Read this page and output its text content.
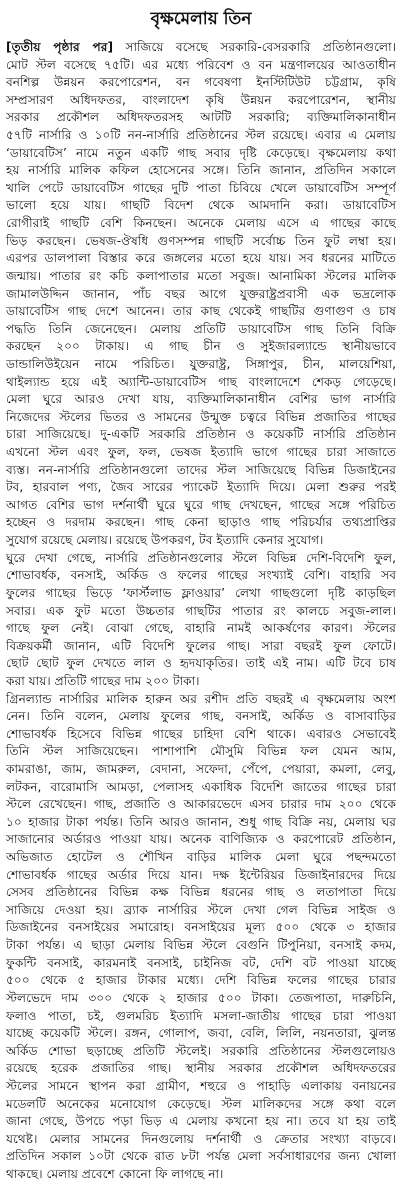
বৃক্ষমেলায় তিন
[তৃতীয় পৃষ্ঠার পর] সাজিয়ে বসেছে সরকারি-বেসরকারি প্রতিষ্ঠানগুলো।
মোট স্টল বসেছে ৭৫টি। এর মধ্যে পরিবেশ ও বন মন্ত্রণালয়ের আওতাধীন
বনশিল্প উন্নয়ন করপোরেশন, বন গবেষণা ইনস্টিটিউট চট্টগ্রাম, কৃষি
সম্প্রসারণ অধিদফতর, বাংলাদেশ কৃষি উন্নয়ন করপোরেশন, স্থানীয়
সরকার প্রকৌশল অধিদফতরসহ আটটি সরকারি; ব্যক্তিমালিকানাধীন
৫৭টি নার্সারি ও ১০টি নন-নার্সারি প্রতিষ্ঠানের স্টল রয়েছে। এবার এ মেলায়
‘ডায়াবেটিস’ নামে নতুন একটি গাছ সবার দৃষ্টি কেড়েছে। বৃক্ষমেলায় কথা
হয় নার্সারি মালিক কফিল হোসেনের সঙ্গে। তিনি জানান, প্রতিদিন সকালে
খালি পেটে ডায়াবেটিস গাছের দুটি পাতা চিবিয়ে খেলে ডায়াবেটিস সম্পূর্ণ
ভালো হয়ে যায়। গাছটি বিদেশ থেকে আমদানি করা। ডায়াবেটিস
রোগীরাই গাছটি বেশি কিনছেন। অনেকে মেলায় এসে এ গাছের কাছে
ভিড় করছেন। ভেষজ-ঔষধি গুণসম্পন্ন গাছটি সর্বোচ্চ তিন ফুট লম্বা হয়।
এরপর ডালপালা বিস্তার করে জঙ্গলের মতো হয়ে যায়। সব ধরনের মাটিতে
জন্মায়। পাতার রং কচি কলাপাতার মতো সবুজ। আনামিকা স্টলের মালিক
জামালউদ্দিন জানান, পাঁচ বছর আগে যুক্তরাষ্ট্রপ্রবাসী এক ভদ্রলোক
ডায়াবেটিস গাছ দেশে আনেন। তার কাছ থেকেই গাছটির গুণাগুণ ও চাষ
পদ্ধতি তিনি জেনেছেন। মেলায় প্রতিটি ডায়াবেটিস গাছ তিনি বিক্রি
করছেন ২০০ টাকায়। এ গাছ চীন ও সুইজারল্যান্ডে স্থানীয়ভাবে
ডান্ডালিউইয়েন নামে পরিচিত। যুক্তরাষ্ট্র, সিঙ্গাপুর, চীন, মালয়েশিয়া,
থাইল্যান্ড হয়ে এই অ্যান্টি-ডায়াবেটিস গাছ বাংলাদেশে শেকড় গেড়েছে।
মেলা ঘুরে আরও দেখা যায়, ব্যক্তিমালিকানাধীন বেশির ভাগ নার্সারি
নিজেদের স্টলের ভিতর ও সামনের উন্মুক্ত চত্বরে বিভিন্ন প্রজাতির গাছের
চারা সাজিয়েছে। দু-একটি সরকারি প্রতিষ্ঠান ও কয়েকটি নার্সারি প্রতিষ্ঠান
এখনো স্টল এবং ফুল, ফল, ভেষজ ইত্যাদি ভাগে গাছের চারা সাজাতে
ব্যস্ত। নন-নার্সারি প্রতিষ্ঠানগুলো তাদের স্টল সাজিয়েছে বিভিন্ন ডিজাইনের
টব, হারবাল পণ্য, জৈব সারের প্যাকেট ইত্যাদি দিয়ে। মেলা শুরুর পরই
আগত বেশির ভাগ দর্শনার্থী ঘুরে ঘুরে গাছ দেখছেন, গাছের সঙ্গে পরিচিত
হচ্ছেন ও দরদাম করছেন। গাছ কেনা ছাড়াও গাছ পরিচর্যার তথ্যপ্রাপ্তির
সুযোগ রয়েছে মেলায়। রয়েছে উপকরণ, টব ইত্যাদি কেনার সুযোগ।
ঘুরে দেখা গেছে, নার্সারি প্রতিষ্ঠানগুলোর স্টলে বিভিন্ন দেশি-বিদেশি ফুল,
শোভাবর্ধক, বনসাই, অর্কিড ও ফলের গাছের সংখ্যাই বেশি। বাহারি সব
ফুলের গাছের ভিড়ে ‘ফার্স্টলাভ ফ্লাওয়ার’ লেখা গাছগুলো দৃষ্টি কাড়ছিল
সবার। এক ফুট মতো উচ্চতার গাছটির পাতার রং কালচে সবুজ-লাল।
গাছে ফুল নেই। বোঝা গেছে, বাহারি নামই আকর্ষণের কারণ। স্টলের
বিক্রয়কর্মী জানান, এটি বিদেশি ফুলের গাছ। সারা বছরই ফুল ফোটে।
ছোট ছোট ফুল দেখতে লাল ও হৃদযাকৃতির। তাই এই নাম। এটি টবে চাষ
করা যায়। প্রতিটি গাছের দাম ২০০ টাকা।
গ্রিনল্যান্ড নার্সারির মালিক হারুন অর রশীদ প্রতি বছরই এ বৃক্ষমেলায় অংশ
নেন। তিনি বলেন, মেলায় ফুলের গাছ, বনসাই, অর্কিড ও বাসাবাড়ির
শোভাবর্ধক হিসেবে বিভিন্ন গাছের চাহিদা বেশি থাকে। এবারও সেভাবেই
তিনি স্টল সাজিয়েছেন। পাশাপাশি মৌসুমি বিভিন্ন ফল যেমন আম,
কামরাঙা, জাম, জামরুল, বেদানা, সফেদা, পেঁপে, পেয়ারা, কমলা, লেবু,
লটকন, বারোমাসি আমড়া, পেলাসহ একাধিক বিদেশি জাতের গাছের চারা
স্টলে রেখেছেন। গাছ, প্রজাতি ও আকারভেদে এসব চারার দাম ২০০ থেকে
১০ হাজার টাকা পর্যন্ত। তিনি আরও জানান, শুধু গাছ বিক্রি নয়, মেলায় ঘর
সাজানোর অর্ডারও পাওয়া যায়। অনেক বাণিজ্যিক ও করপোরেট প্রতিষ্ঠান,
অভিজাত হোটেল ও শৌখিন বাড়ির মালিক মেলা ঘুরে পছন্দমতো
শোভাবর্ধক গাছের অর্ডার দিয়ে যান। দক্ষ ইন্টেরিয়র ডিজাইনারদের দিয়ে
সেসব প্রতিষ্ঠানের বিভিন্ন কক্ষ বিভিন্ন ধরনের গাছ ও লতাপাতা দিয়ে
সাজিয়ে দেওয়া হয়। ব্র্যাক নার্সারির স্টলে দেখা গেল বিভিন্ন সাইজ ও
ডিজাইনের বনসাইয়ের সমারোহ। বনসাইয়ের মূল্য ৫০০ থেকে ৩ হাজার
টাকা পর্যন্ত। এ ছাড়া মেলায় বিভিন্ন স্টলে বেগুনি টিপুনিয়া, বনসাই কদম,
ফুকন্টি বনসাই, কারমনাই বনসাই, চাইনিজ বট, দেশি বট পাওয়া যাচ্ছে
৫০০ থেকে ৫ হাজার টাকার মধ্যে। দেশি বিভিন্ন ফলের গাছের চারার
স্টলভেদে দাম ৩০০ থেকে ২ হাজার ৫০০ টাকা। তেজপাতা, দারুচিনি,
ফলাও পাতা, চই, গুলমরিচ ইত্যাদি মসলা-জাতীয় গাছের চারা পাওয়া
যাচ্ছে কয়েকটি স্টলে। রঙ্গন, গোলাপ, জবা, বেলি, লিলি, নয়নতারা, ঝুলন্ত
অর্কিড শোভা ছড়াচ্ছে প্রতিটি স্টলেই। সরকারি প্রতিষ্ঠানের স্টলগুলোয়ও
রয়েছে হরেক প্রজাতির গাছ। স্থানীয় সরকার প্রকৌশল অধিদফতরের
স্টলের সামনে স্থাপন করা গ্রামীণ, শহুরে ও পাহাড়ি এলাকায় বনায়নের
মডেলটি অনেকের মনোযোগ কেড়েছে। স্টল মালিকদের সঙ্গে কথা বলে
জানা গেছে, উপচে পড়া ভিড় এ মেলায় কখনো হয় না। তবে যা হয় তাই
যথেষ্ট। মেলার সামনের দিনগুলোয় দর্শনার্থী ও ক্রেতার সংখ্যা বাড়বে।
প্রতিদিন সকাল ১০টা থেকে রাত ৮টা পর্যন্ত মেলা সর্বসাধারণের জন্য খোলা
থাকছে। মেলায় প্রবেশে কোনো ফি লাগছে না।
